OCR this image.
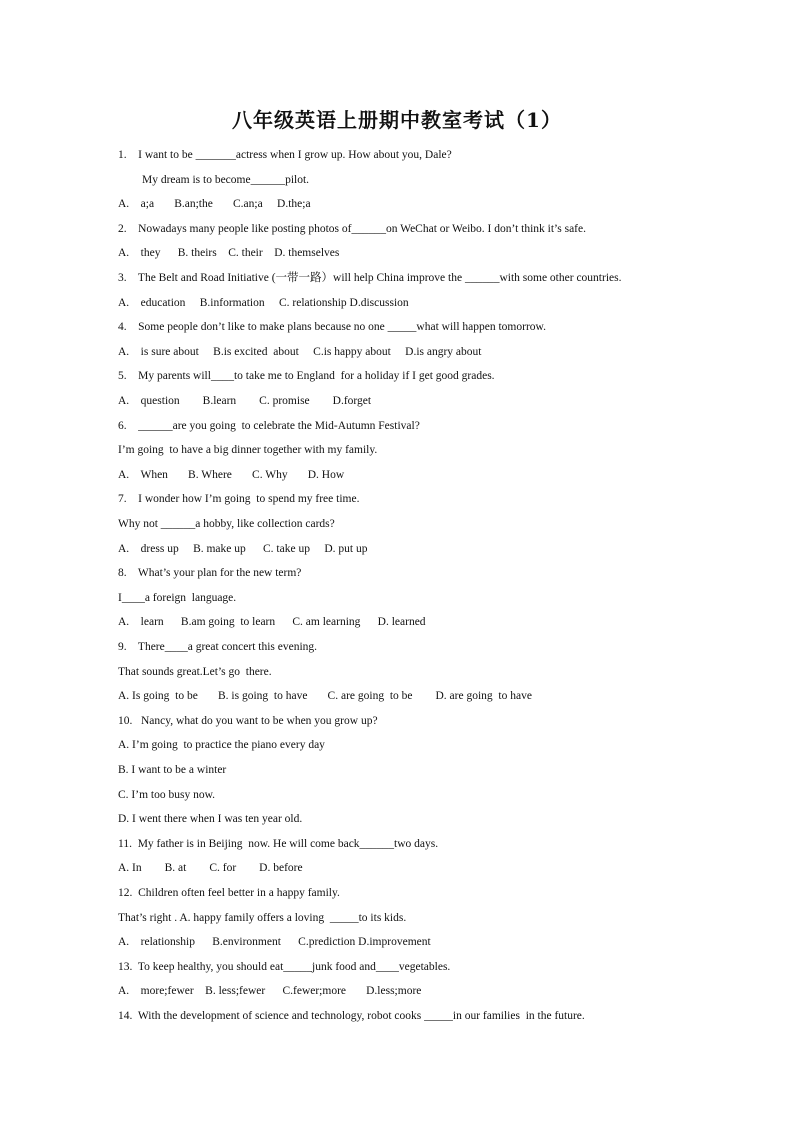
八年级英语上册期中教室考试（1）
1.    I want to be _______actress when I grow up. How about you, Dale?
My dream is to become______pilot.
A.    a;a       B.an;the       C.an;a     D.the;a
2.    Nowadays many people like posting photos of______on WeChat or Weibo. I don’t think it’s safe.
A.    they      B. theirs    C. their    D. themselves
3.    The Belt and Road Initiative (一带一路）will help China improve the ______with some other countries.
A.    education     B.information     C. relationship D.discussion
4.    Some people don’t like to make plans because no one _____what will happen tomorrow.
A.    is sure about     B.is excited  about     C.is happy about     D.is angry about
5.    My parents will____to take me to England  for a holiday if I get good grades.
A.    question        B.learn        C. promise        D.forget
6.    ______are you going  to celebrate the Mid-Autumn Festival?
I’m going  to have a big dinner together with my family.
A.    When       B. Where       C. Why       D. How
7.    I wonder how I’m going  to spend my free time.
Why not ______a hobby, like collection cards?
A.    dress up     B. make up      C. take up     D. put up
8.    What’s your plan for the new term?
I____a foreign  language.
A.    learn      B.am going  to learn      C. am learning      D. learned
9.    There____a great concert this evening.
That sounds great.Let’s go  there.
A. Is going  to be       B. is going  to have       C. are going  to be        D. are going  to have
10.   Nancy, what do you want to be when you grow up?
A. I’m going  to practice the piano every day
B. I want to be a winter
C. I’m too busy now.
D. I went there when I was ten year old.
11.  My father is in Beijing  now. He will come back______two days.
A. In        B. at        C. for        D. before
12.  Children often feel better in a happy family.
That’s right . A. happy family offers a loving  _____to its kids.
A.    relationship      B.environment      C.prediction D.improvement
13.  To keep healthy, you should eat_____junk food and____vegetables.
A.    more;fewer    B. less;fewer      C.fewer;more       D.less;more
14.  With the development of science and technology, robot cooks _____in our families  in the future.
